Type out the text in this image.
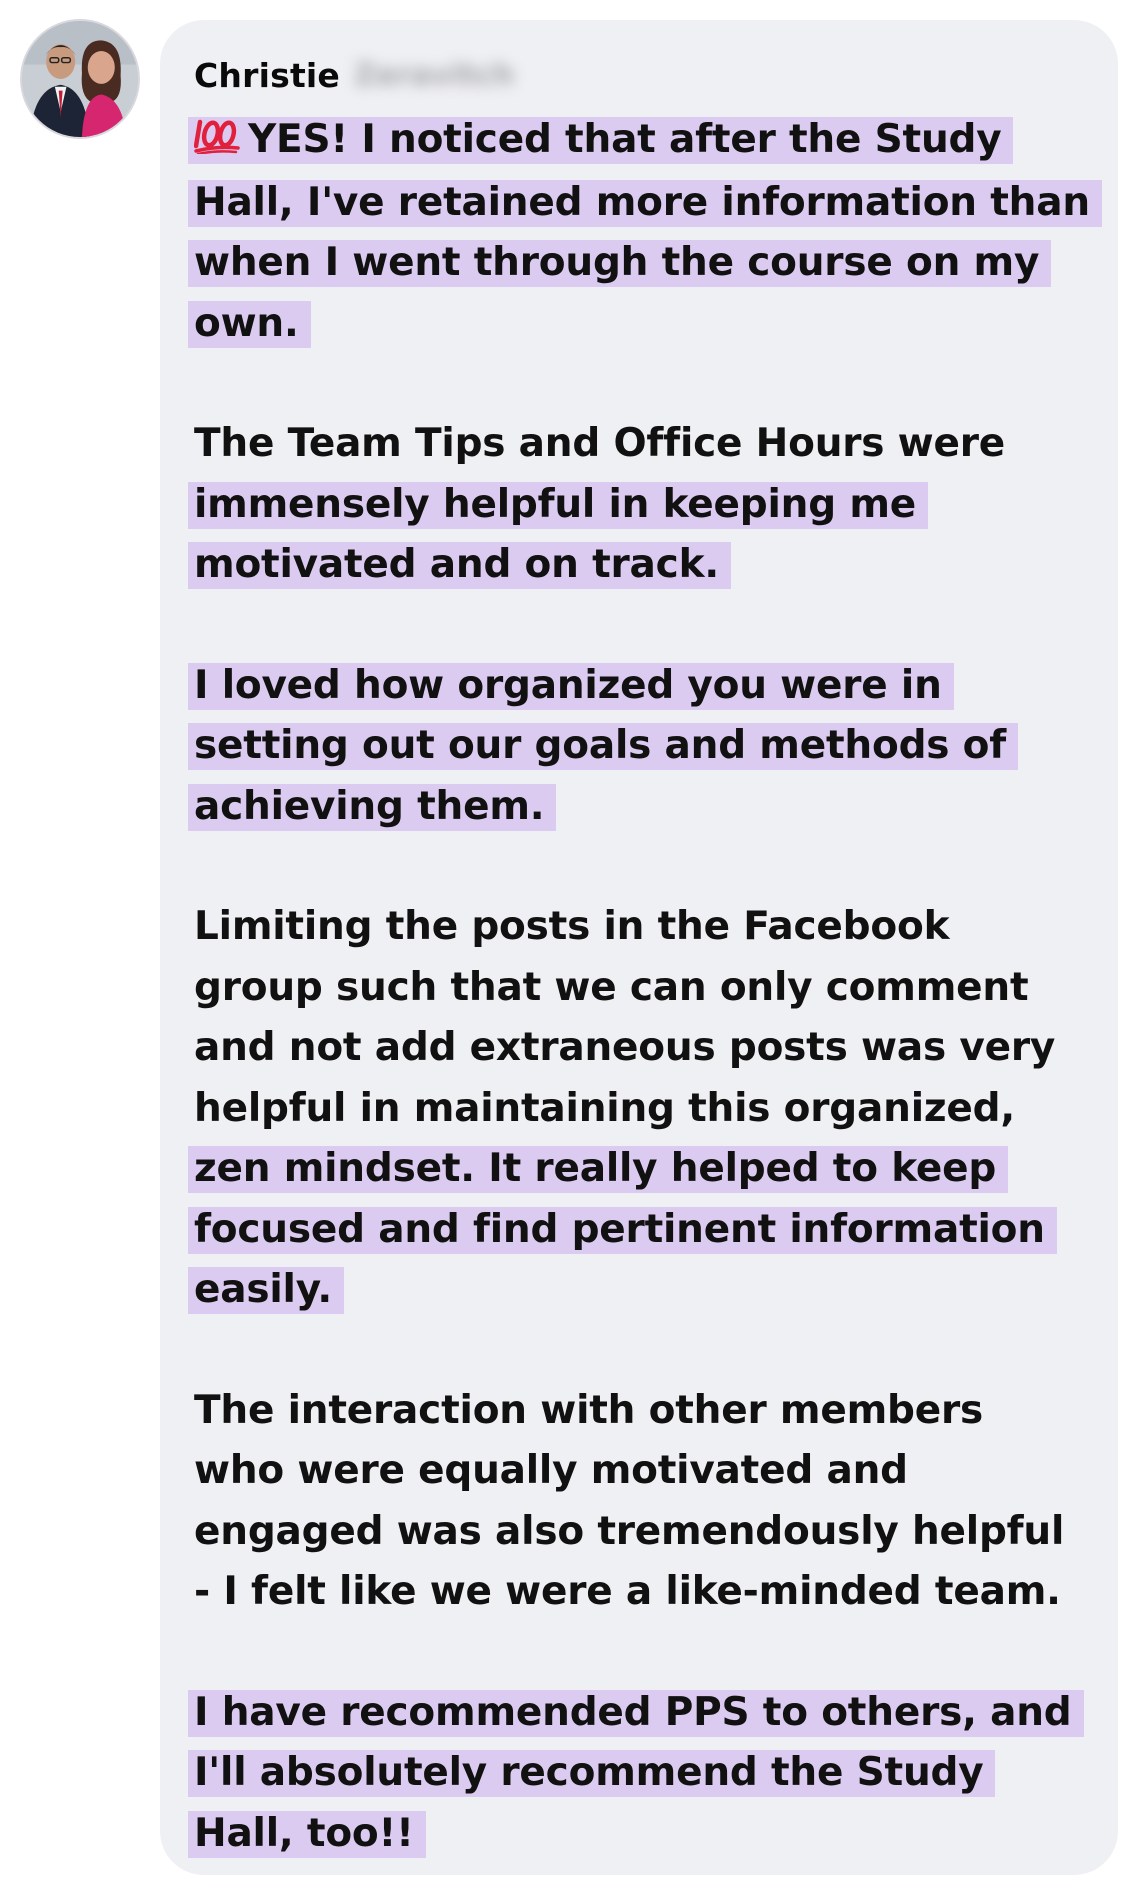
Christie Zeravitch
YES! I noticed that after the Study
Hall, I've retained more information than
when I went through the course on my
own.
The Team Tips and Office Hours were
immensely helpful in keeping me
motivated and on track.
I loved how organized you were in
setting out our goals and methods of
achieving them.
Limiting the posts in the Facebook
group such that we can only comment
and not add extraneous posts was very
helpful in maintaining this organized,
zen mindset. It really helped to keep
focused and find pertinent information
easily.
The interaction with other members
who were equally motivated and
engaged was also tremendously helpful
- I felt like we were a like-minded team.
I have recommended PPS to others, and
I'll absolutely recommend the Study
Hall, too!!
